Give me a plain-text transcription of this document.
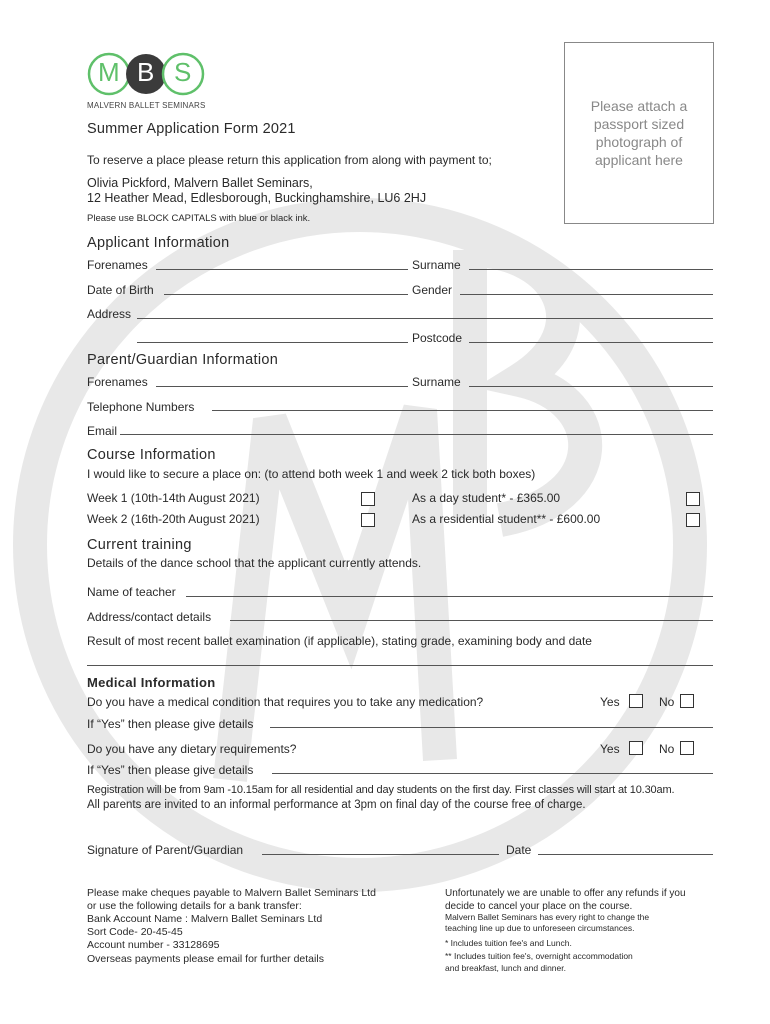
M B S
MALVERN BALLET SEMINARS	Please attach a passport sized photograph of applicant here
Summer Application Form 2021
To reserve a place please return this application from along with payment to;
Olivia Pickford, Malvern Ballet Seminars,
12 Heather Mead, Edlesborough, Buckinghamshire, LU6 2HJ
Please use BLOCK CAPITALS with blue or black ink.
Applicant Information
Forenames	Surname
Date of Birth	Gender
Address
Postcode
Parent/Guardian Information
Forenames	Surname
Telephone Numbers
Email
Course Information
I would like to secure a place on: (to attend both week 1 and week 2 tick both boxes)
Week 1 (10th-14th August 2021)	As a day student* - £365.00
Week 2 (16th-20th August 2021)	As a residential student** - £600.00
Current training
Details of the dance school that the applicant currently attends.
Name of teacher
Address/contact details
Result of most recent ballet examination (if applicable), stating grade, examining body and date
Medical Information
Do you have a medical condition that requires you to take any medication?	Yes	No
If “Yes” then please give details
Do you have any dietary requirements?	Yes	No
If “Yes” then please give details
Registration will be from 9am -10.15am for all residential and day students on the first day. First classes will start at 10.30am.
All parents are invited to an informal performance at 3pm on final day of the course free of charge.
Signature of Parent/Guardian	Date
Please make cheques payable to Malvern Ballet Seminars Ltd
or use the following details for a bank transfer:
Bank Account Name : Malvern Ballet Seminars Ltd
Sort Code- 20-45-45
Account number - 33128695
Overseas payments please email for further details
Unfortunately we are unable to offer any refunds if you
decide to cancel your place on the course.
Malvern Ballet Seminars has every right to change the
teaching line up due to unforeseen circumstances.
* Includes tuition fee's and Lunch.
** Includes tuition fee's, overnight accommodation
and breakfast, lunch and dinner.
